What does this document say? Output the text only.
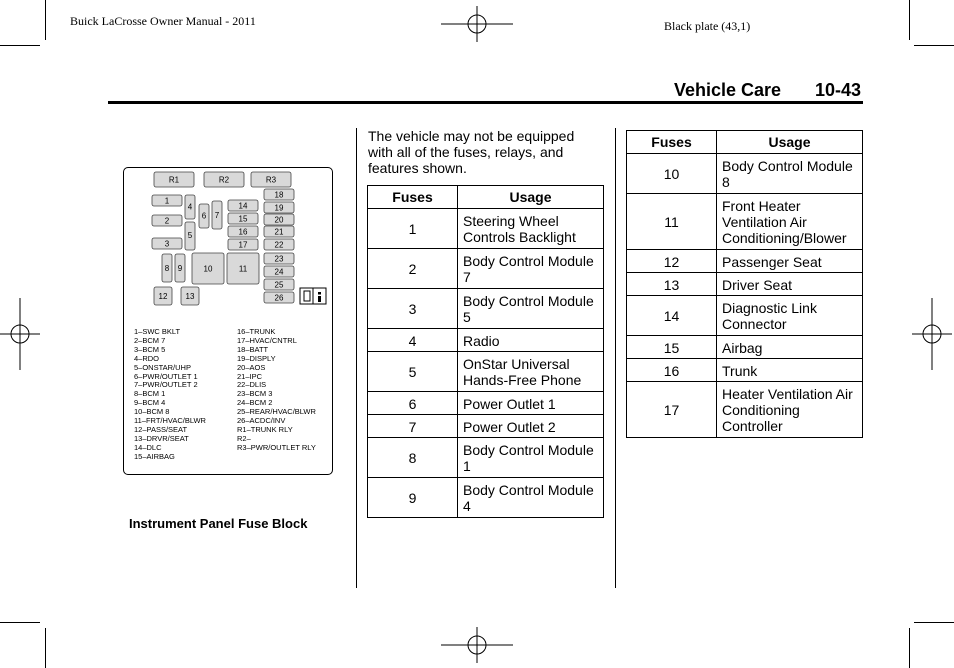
Buick LaCrosse Owner Manual - 2011	Black plate (43,1)
Vehicle Care 10-43
R1	R2	R3
1
2
3
4
5
6 7
8 9	10	11
12 13
14
15
16
17
18
19
20
21
22
23
24
25
26
1–SWC BKLT
2–BCM 7
3–BCM 5
4–RDO
5–ONSTAR/UHP
6–PWR/OUTLET 1
7–PWR/OUTLET 2
8–BCM 1
9–BCM 4
10–BCM 8
11–FRT/HVAC/BLWR
12–PASS/SEAT
13–DRVR/SEAT
14–DLC
15–AIRBAG
16–TRUNK
17–HVAC/CNTRL
18–BATT
19–DISPLY
20–AOS
21–IPC
22–DLIS
23–BCM 3
24–BCM 2
25–REAR/HVAC/BLWR
26–ACDC/INV
R1–TRUNK RLY
R2–
R3–PWR/OUTLET RLY
Instrument Panel Fuse Block
The vehicle may not be equipped with all of the fuses, relays, and features shown.
Fuses	Usage
1	Steering Wheel Controls Backlight
2	Body Control Module 7
3	Body Control Module 5
4	Radio
5	OnStar Universal Hands-Free Phone
6	Power Outlet 1
7	Power Outlet 2
8	Body Control Module 1
9	Body Control Module 4
Fuses	Usage
10	Body Control Module 8
11	Front Heater Ventilation Air Conditioning/Blower
12	Passenger Seat
13	Driver Seat
14	Diagnostic Link Connector
15	Airbag
16	Trunk
17	Heater Ventilation Air Conditioning Controller
